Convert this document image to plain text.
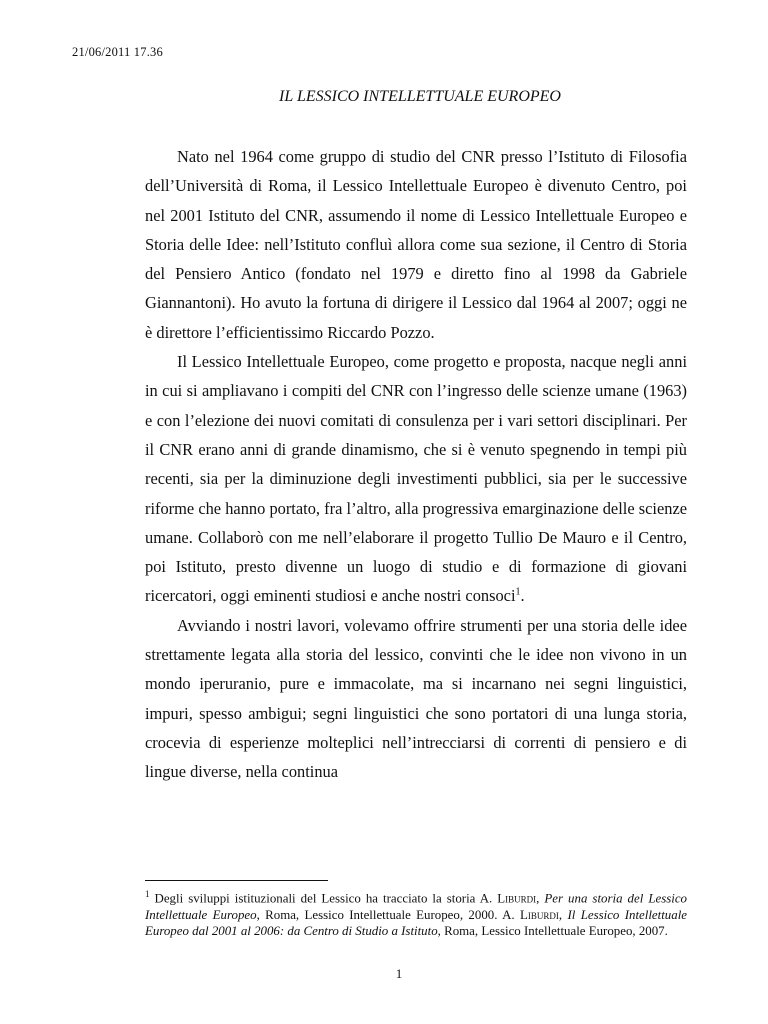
21/06/2011 17.36
IL LESSICO INTELLETTUALE EUROPEO

Nato nel 1964 come gruppo di studio del CNR presso l’Istituto di Filosofia dell’Università di Roma, il Lessico Intellettuale Europeo è divenuto Centro, poi nel 2001 Istituto del CNR, assumendo il nome di Lessico Intellettuale Europeo e Storia delle Idee: nell’Istituto confluì allora come sua sezione, il Centro di Storia del Pensiero Antico (fondato nel 1979 e diretto fino al 1998 da Gabriele Giannantoni). Ho avuto la fortuna di dirigere il Lessico dal 1964 al 2007; oggi ne è direttore l’efficientissimo Riccardo Pozzo.

Il Lessico Intellettuale Europeo, come progetto e proposta, nacque negli anni in cui si ampliavano i compiti del CNR con l’ingresso delle scienze umane (1963) e con l’elezione dei nuovi comitati di consulenza per i vari settori disciplinari. Per il CNR erano anni di grande dinamismo, che si è venuto spegnendo in tempi più recenti, sia per la diminuzione degli investimenti pubblici, sia per le successive riforme che hanno portato, fra l’altro, alla progressiva emarginazione delle scienze umane. Collaborò con me nell’elaborare il progetto Tullio De Mauro e il Centro, poi Istituto, presto divenne un luogo di studio e di formazione di giovani ricercatori, oggi eminenti studiosi e anche nostri consoci$^1$.

Avviando i nostri lavori, volevamo offrire strumenti per una storia delle idee strettamente legata alla storia del lessico, convinti che le idee non vivono in un mondo iperuranio, pure e immacolate, ma si incarnano nei segni linguistici, impuri, spesso ambigui; segni linguistici che sono portatori di una lunga storia, crocevia di esperienze molteplici nell’intrecciarsi di correnti di pensiero e di lingue diverse, nella continua

$^1$ Degli sviluppi istituzionali del Lessico ha tracciato la storia A. Liburdi, Per una storia del Lessico Intellettuale Europeo, Roma, Lessico Intellettuale Europeo, 2000. A. Liburdi, Il Lessico Intellettuale Europeo dal 2001 al 2006: da Centro di Studio a Istituto, Roma, Lessico Intellettuale Europeo, 2007.
1
